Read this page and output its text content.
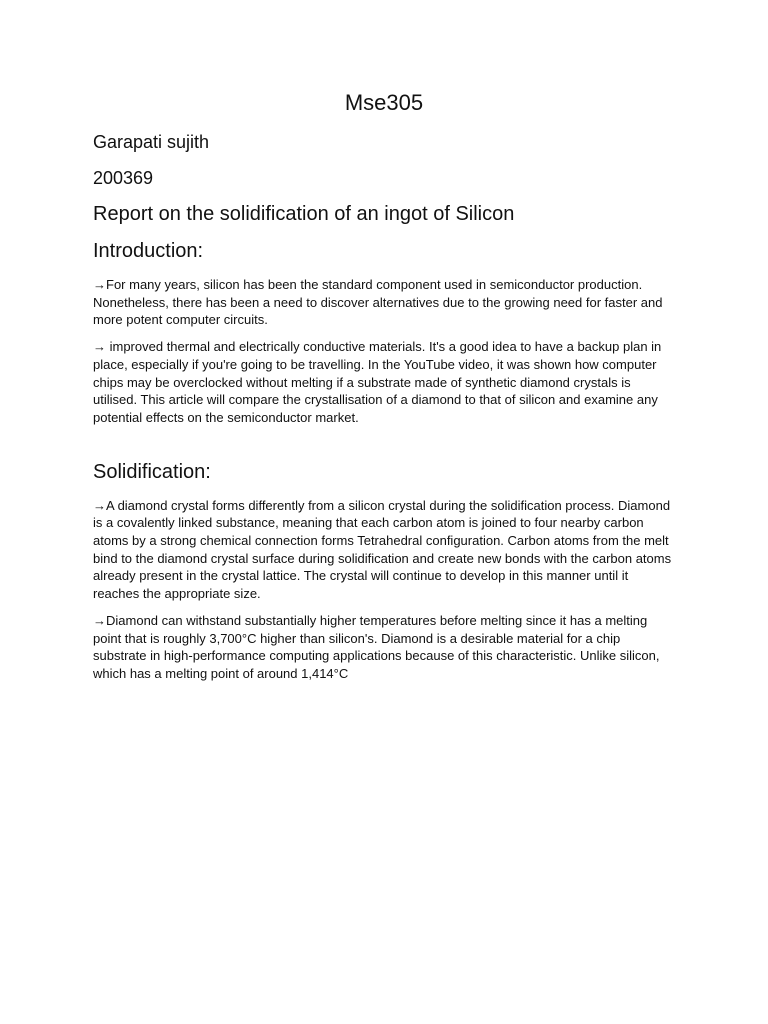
Mse305

Garapati sujith

200369

Report on the solidification of an ingot of Silicon
Introduction:

→For many years, silicon has been the standard component used in semiconductor production. Nonetheless, there has been a need to discover alternatives due to the growing need for faster and more potent computer circuits.

→ improved thermal and electrically conductive materials. It's a good idea to have a backup plan in place, especially if you're going to be travelling. In the YouTube video, it was shown how computer chips may be overclocked without melting if a substrate made of synthetic diamond crystals is utilised. This article will compare the crystallisation of a diamond to that of silicon and examine any potential effects on the semiconductor market.

Solidification:

→A diamond crystal forms differently from a silicon crystal during the solidification process. Diamond is a covalently linked substance, meaning that each carbon atom is joined to four nearby carbon atoms by a strong chemical connection forms Tetrahedral configuration. Carbon atoms from the melt bind to the diamond crystal surface during solidification and create new bonds with the carbon atoms already present in the crystal lattice. The crystal will continue to develop in this manner until it reaches the appropriate size.

→Diamond can withstand substantially higher temperatures before melting since it has a melting point that is roughly 3,700°C higher than silicon's. Diamond is a desirable material for a chip substrate in high-performance computing applications because of this characteristic. Unlike silicon, which has a melting point of around 1,414°C
